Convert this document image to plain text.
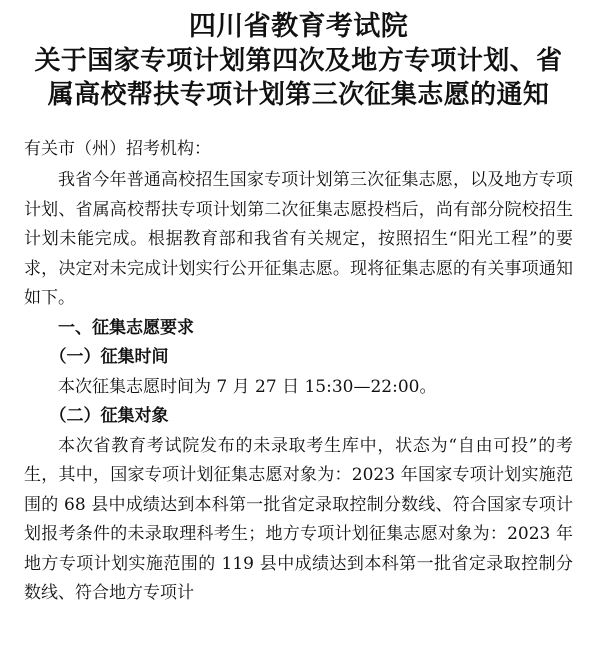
四川省教育考试院
关于国家专项计划第四次及地方专项计划、省
属高校帮扶专项计划第三次征集志愿的通知
有关市（州）招考机构：

我省今年普通高校招生国家专项计划第三次征集志愿，以及地方专项计划、省属高校帮扶专项计划第二次征集志愿投档后，尚有部分院校招生计划未能完成。根据教育部和我省有关规定，按照招生“阳光工程”的要求，决定对未完成计划实行公开征集志愿。现将征集志愿的有关事项通知如下。

一、征集志愿要求

（一）征集时间

本次征集志愿时间为 7 月 27 日 15:30—22:00。

（二）征集对象

本次省教育考试院发布的未录取考生库中，状态为“自由可投”的考生，其中，国家专项计划征集志愿对象为：2023 年国家专项计划实施范围的 68 县中成绩达到本科第一批省定录取控制分数线、符合国家专项计划报考条件的未录取理科考生；地方专项计划征集志愿对象为：2023 年地方专项计划实施范围的 119 县中成绩达到本科第一批省定录取控制分数线、符合地方专项计
